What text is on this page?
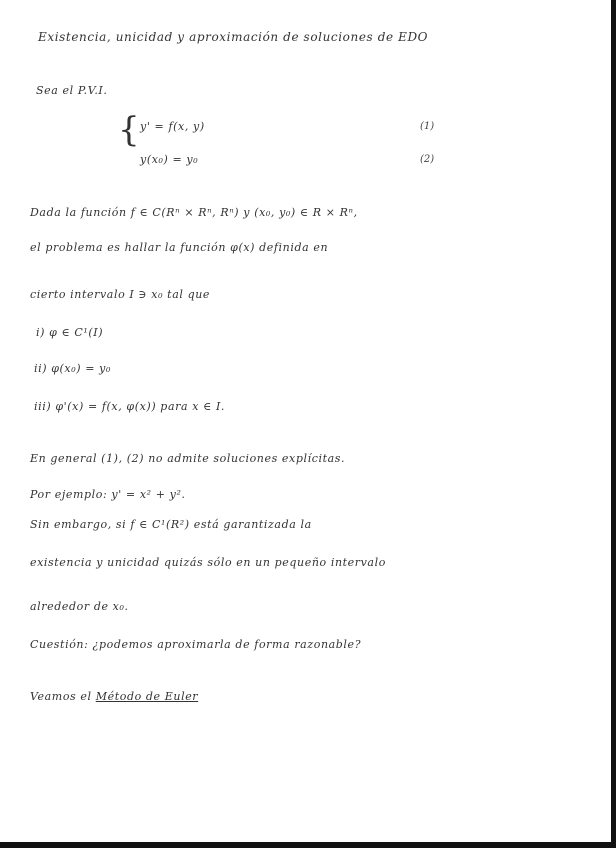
Existencia, unicidad y aproximación de soluciones de EDO
Sea el P.V.I.
{ y' = f(x, y)	(1)
y(x₀) = y₀	(2)
Dada la función f ∈ C(Rⁿ × Rⁿ, Rⁿ) y (x₀, y₀) ∈ R × Rⁿ,
el problema es hallar la función φ(x) definida en
cierto intervalo I ∋ x₀ tal que
i) φ ∈ C¹(I)
ii) φ(x₀) = y₀
iii) φ'(x) = f(x, φ(x)) para x ∈ I.
En general (1), (2) no admite soluciones explícitas.
Por ejemplo: y' = x² + y².
Sin embargo, si f ∈ C¹(R²) está garantizada la
existencia y unicidad quizás sólo en un pequeño intervalo
alrededor de x₀.
Cuestión: ¿podemos aproximarla de forma razonable?
Veamos el Método de Euler
